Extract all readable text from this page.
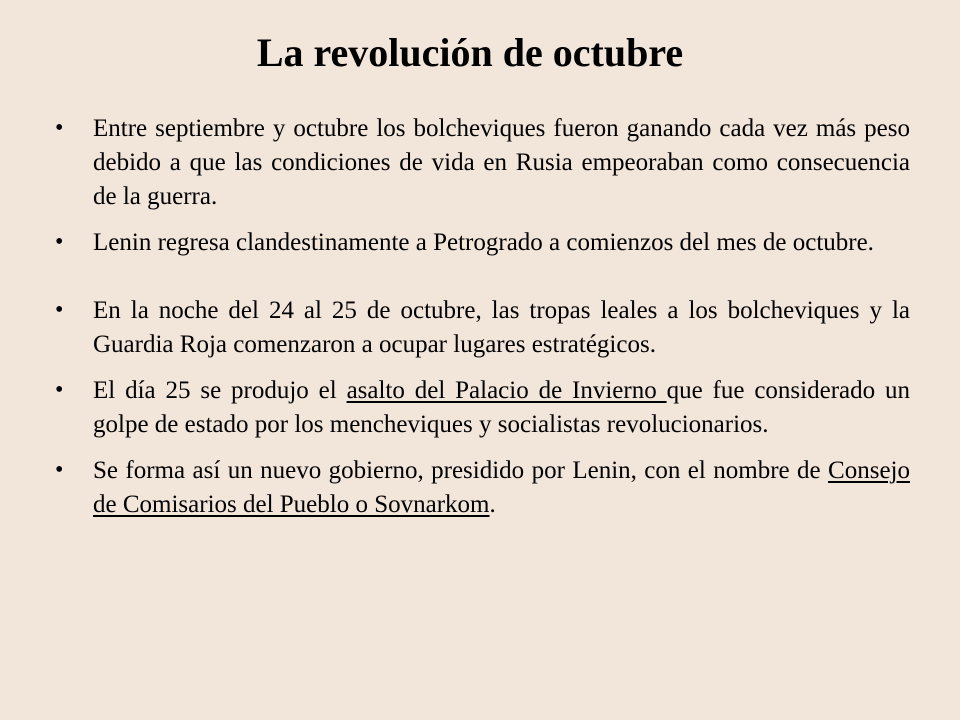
La revolución de octubre
• Entre septiembre y octubre los bolcheviques fueron ganando cada vez más peso debido a que las condiciones de vida en Rusia empeoraban como consecuencia de la guerra.
• Lenin regresa clandestinamente a Petrogrado a comienzos del mes de octubre.
• En la noche del 24 al 25 de octubre, las tropas leales a los bolcheviques y la Guardia Roja comenzaron a ocupar lugares estratégicos.
• El día 25 se produjo el asalto del Palacio de Invierno que fue considerado un golpe de estado por los mencheviques y socialistas revolucionarios.
• Se forma así un nuevo gobierno, presidido por Lenin, con el nombre de Consejo de Comisarios del Pueblo o Sovnarkom.
